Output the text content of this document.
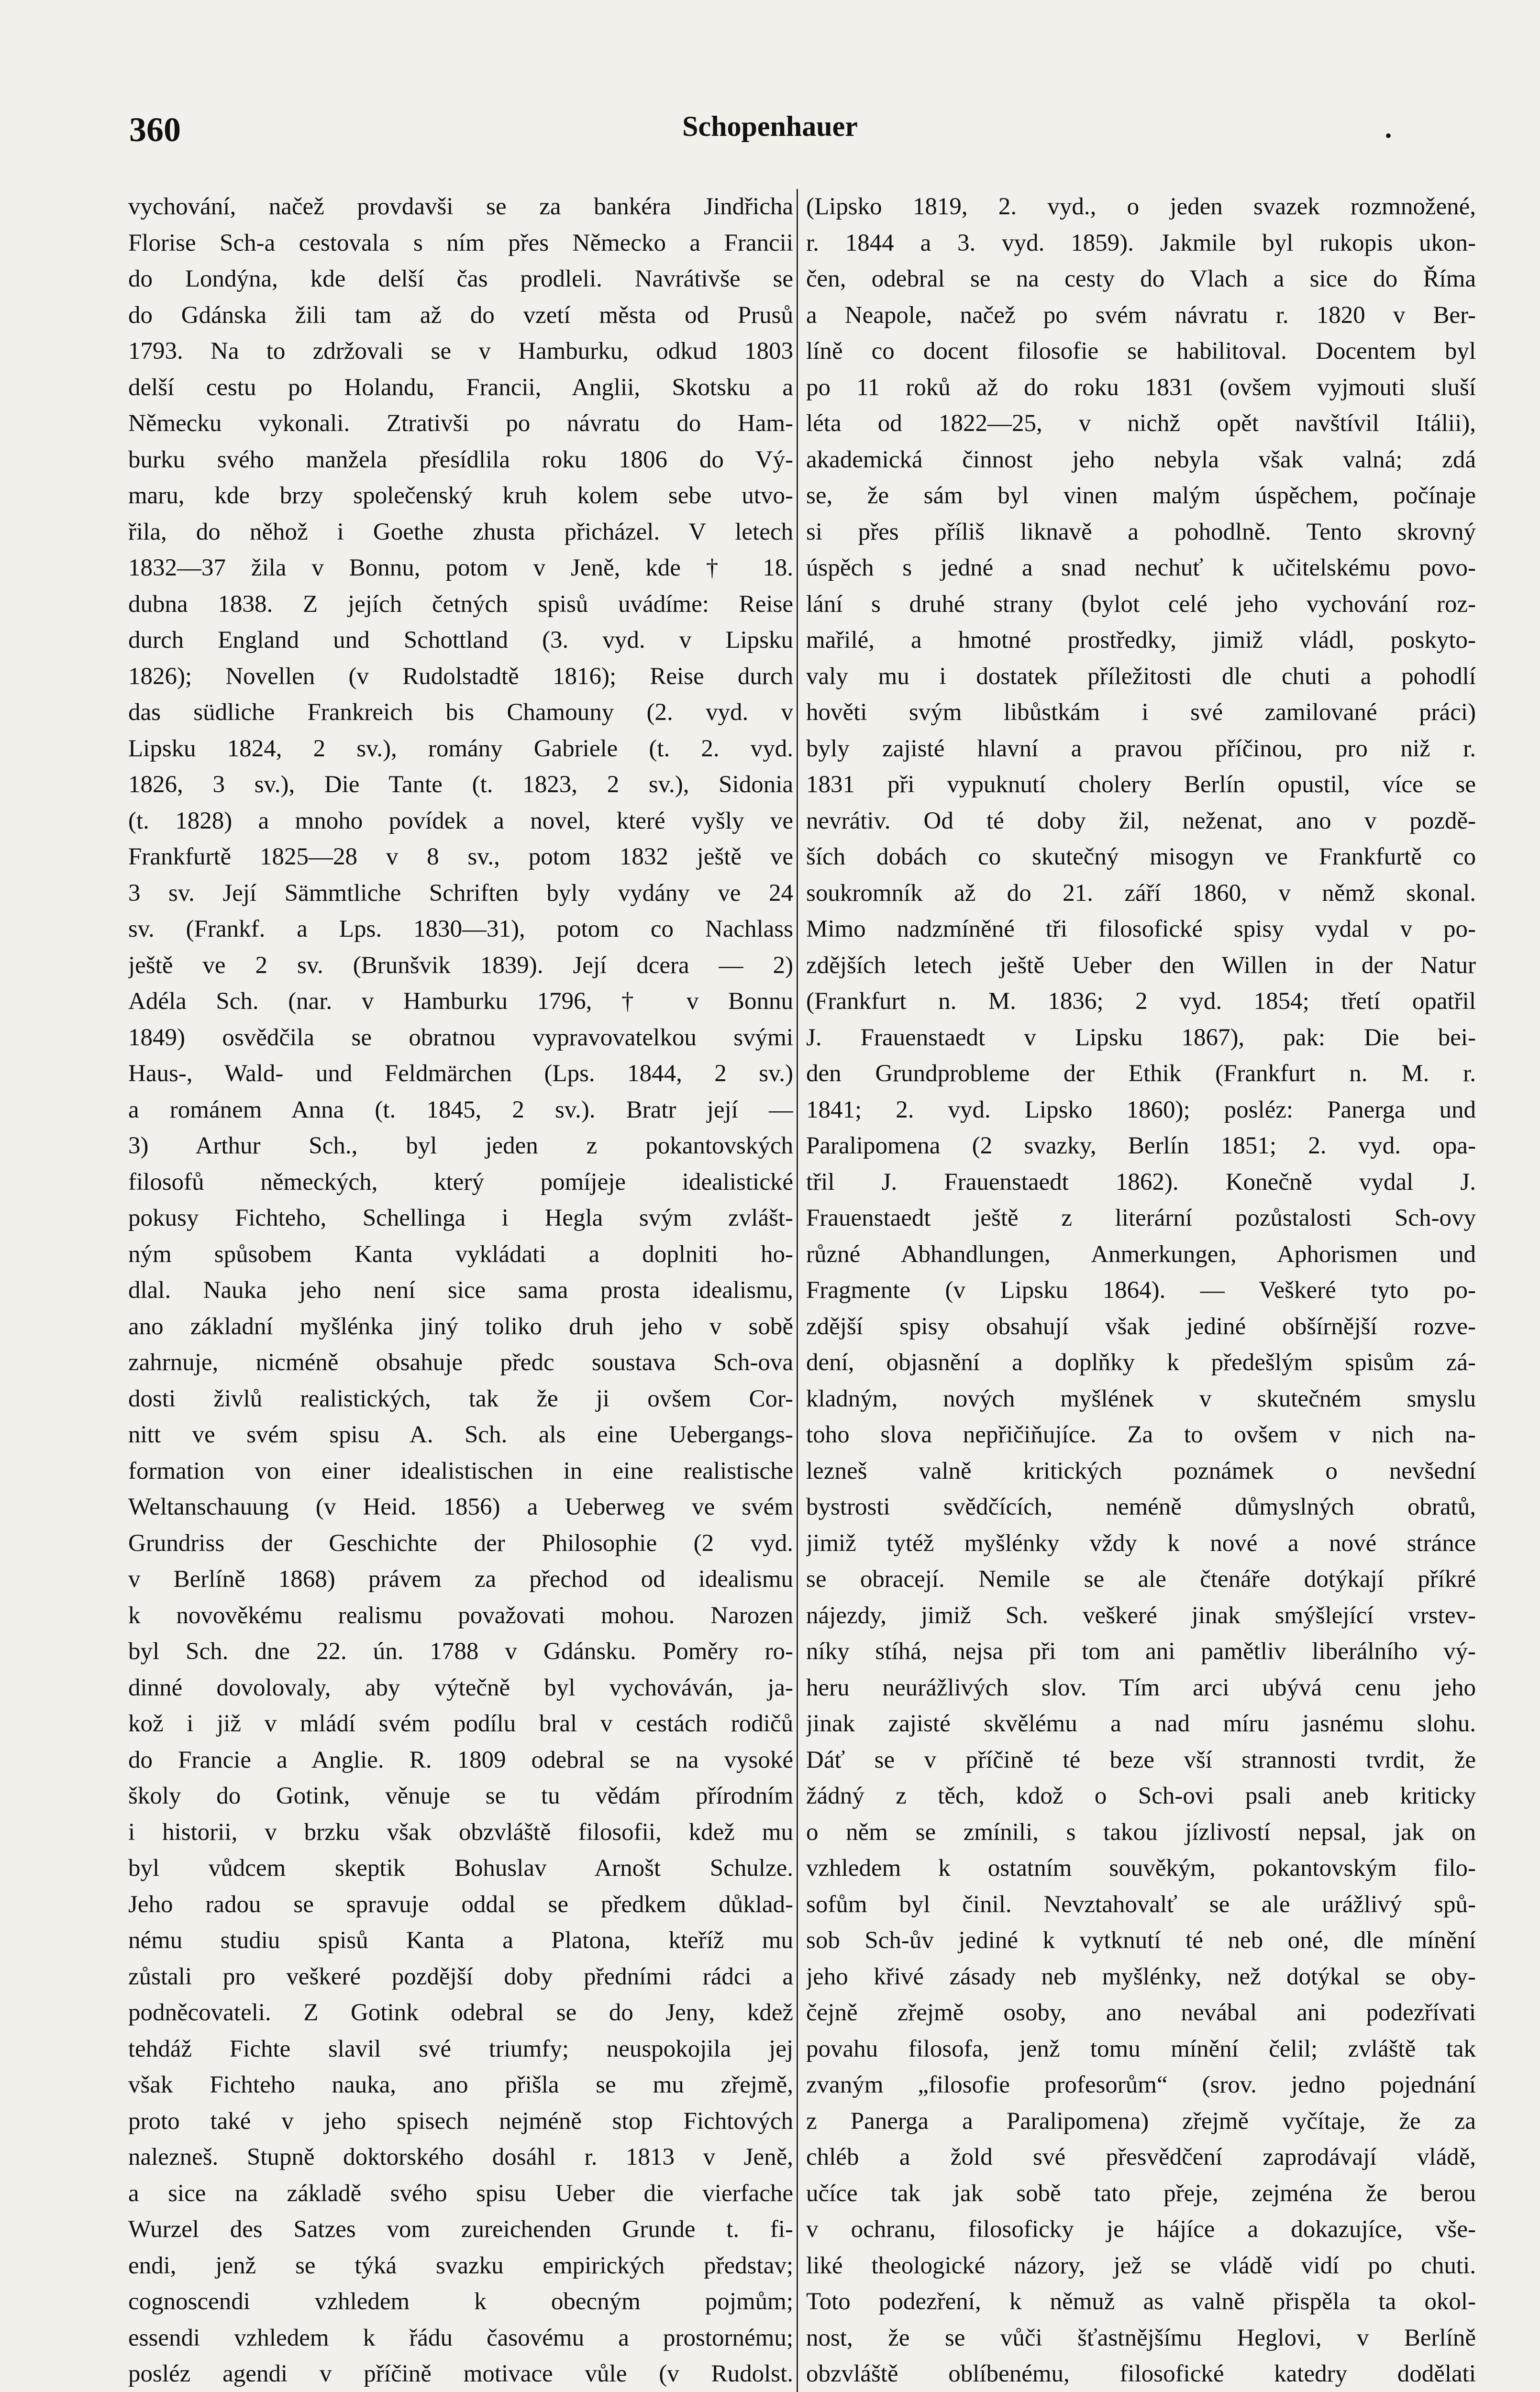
360	Schopenhauer	•
vychování, načež provdavši se za bankéra Jindřicha
Florise Sch-a cestovala s ním přes Německo a Francii
do Londýna, kde delší čas prodleli. Navrátivše se
do Gdánska žili tam až do vzetí města od Prusů
1793. Na to zdržovali se v Hamburku, odkud 1803
delší cestu po Holandu, Francii, Anglii, Skotsku a
Německu vykonali. Ztrativši po návratu do Ham-
burku svého manžela přesídlila roku 1806 do Vý-
maru, kde brzy společenský kruh kolem sebe utvo-
řila, do něhož i Goethe zhusta přicházel. V letech
1832—37 žila v Bonnu, potom v Jeně, kde † 18.
dubna 1838. Z jejích četných spisů uvádíme: Reise
durch England und Schottland (3. vyd. v Lipsku
1826); Novellen (v Rudolstadtě 1816); Reise durch
das südliche Frankreich bis Chamouny (2. vyd. v
Lipsku 1824, 2 sv.), romány Gabriele (t. 2. vyd.
1826, 3 sv.), Die Tante (t. 1823, 2 sv.), Sidonia
(t. 1828) a mnoho povídek a novel, které vyšly ve
Frankfurtě 1825—28 v 8 sv., potom 1832 ještě ve
3 sv. Její Sämmtliche Schriften byly vydány ve 24
sv. (Frankf. a Lps. 1830—31), potom co Nachlass
ještě ve 2 sv. (Brunšvik 1839). Její dcera — 2)
Adéla Sch. (nar. v Hamburku 1796, † v Bonnu
1849) osvědčila se obratnou vypravovatelkou svými
Haus-, Wald- und Feldmärchen (Lps. 1844, 2 sv.)
a románem Anna (t. 1845, 2 sv.). Bratr její —
3) Arthur Sch., byl jeden z pokantovských
filosofů německých, který pomíjeje idealistické
pokusy Fichteho, Schellinga i Hegla svým zvlášt-
ným spůsobem Kanta vykládati a doplniti ho-
dlal. Nauka jeho není sice sama prosta idealismu,
ano základní myšlénka jiný toliko druh jeho v sobě
zahrnuje, nicméně obsahuje předc soustava Sch-ova
dosti živlů realistických, tak že ji ovšem Cor-
nitt ve svém spisu A. Sch. als eine Uebergangs-
formation von einer idealistischen in eine realistische
Weltanschauung (v Heid. 1856) a Ueberweg ve svém
Grundriss der Geschichte der Philosophie (2 vyd.
v Berlíně 1868) právem za přechod od idealismu
k novověkému realismu považovati mohou. Narozen
byl Sch. dne 22. ún. 1788 v Gdánsku. Poměry ro-
dinné dovolovaly, aby výtečně byl vychováván, ja-
kož i již v mládí svém podílu bral v cestách rodičů
do Francie a Anglie. R. 1809 odebral se na vysoké
školy do Gotink, věnuje se tu vědám přírodním
i historii, v brzku však obzvláště filosofii, kdež mu
byl vůdcem skeptik Bohuslav Arnošt Schulze.
Jeho radou se spravuje oddal se předkem důklad-
nému studiu spisů Kanta a Platona, kteříž mu
zůstali pro veškeré pozdější doby předními rádci a
podněcovateli. Z Gotink odebral se do Jeny, kdež
tehdáž Fichte slavil své triumfy; neuspokojila jej
však Fichteho nauka, ano přišla se mu zřejmě,
proto také v jeho spisech nejméně stop Fichtových
nalezneš. Stupně doktorského dosáhl r. 1813 v Jeně,
a sice na základě svého spisu Ueber die vierfache
Wurzel des Satzes vom zureichenden Grunde t. fi-
endi, jenž se týká svazku empirických představ;
cognoscendi vzhledem k obecným pojmům;
essendi vzhledem k řádu časovému a prostornému;
posléz agendi v příčině motivace vůle (v Rudolst.
(Lipsko 1819, 2. vyd., o jeden svazek rozmnožené,
r. 1844 a 3. vyd. 1859). Jakmile byl rukopis ukon-
čen, odebral se na cesty do Vlach a sice do Říma
a Neapole, načež po svém návratu r. 1820 v Ber-
líně co docent filosofie se habilitoval. Docentem byl
po 11 roků až do roku 1831 (ovšem vyjmouti sluší
léta od 1822—25, v nichž opět navštívil Itálii),
akademická činnost jeho nebyla však valná; zdá
se, že sám byl vinen malým úspěchem, počínaje
si přes příliš liknavě a pohodlně. Tento skrovný
úspěch s jedné a snad nechuť k učitelskému povo-
lání s druhé strany (bylot celé jeho vychování roz-
mařilé, a hmotné prostředky, jimiž vládl, poskyto-
valy mu i dostatek příležitosti dle chuti a pohodlí
hověti svým libůstkám i své zamilované práci)
byly zajisté hlavní a pravou příčinou, pro niž r.
1831 při vypuknutí cholery Berlín opustil, více se
nevrátiv. Od té doby žil, neženat, ano v pozdě-
ších dobách co skutečný misogyn ve Frankfurtě co
soukromník až do 21. září 1860, v němž skonal.
Mimo nadzmíněné tři filosofické spisy vydal v po-
zdějších letech ještě Ueber den Willen in der Natur
(Frankfurt n. M. 1836; 2 vyd. 1854; třetí opatřil
J. Frauenstaedt v Lipsku 1867), pak: Die bei-
den Grundprobleme der Ethik (Frankfurt n. M. r.
1841; 2. vyd. Lipsko 1860); posléz: Panerga und
Paralipomena (2 svazky, Berlín 1851; 2. vyd. opa-
třil J. Frauenstaedt 1862). Konečně vydal J.
Frauenstaedt ještě z literární pozůstalosti Sch-ovy
různé Abhandlungen, Anmerkungen, Aphorismen und
Fragmente (v Lipsku 1864). — Veškeré tyto po-
zdější spisy obsahují však jediné obšírnější rozve-
dení, objasnění a doplňky k předešlým spisům zá-
kladným, nových myšlének v skutečném smyslu
toho slova nepřičiňujíce. Za to ovšem v nich na-
lezneš valně kritických poznámek o nevšední
bystrosti svědčících, neméně důmyslných obratů,
jimiž tytéž myšlénky vždy k nové a nové stránce
se obracejí. Nemile se ale čtenáře dotýkají příkré
nájezdy, jimiž Sch. veškeré jinak smýšlející vrstev-
níky stíhá, nejsa při tom ani pamětliv liberálního vý-
heru neurážlivých slov. Tím arci ubývá cenu jeho
jinak zajisté skvělému a nad míru jasnému slohu.
Dáť se v příčině té beze vší strannosti tvrdit, že
žádný z těch, kdož o Sch-ovi psali aneb kriticky
o něm se zmínili, s takou jízlivostí nepsal, jak on
vzhledem k ostatním souvěkým, pokantovským filo-
sofům byl činil. Nevztahovalť se ale urážlivý spů-
sob Sch-ův jediné k vytknutí té neb oné, dle mínění
jeho křivé zásady neb myšlénky, než dotýkal se oby-
čejně zřejmě osoby, ano nevábal ani podezřívati
povahu filosofa, jenž tomu mínění čelil; zvláště tak
zvaným „filosofie profesorům“ (srov. jedno pojednání
z Panerga a Paralipomena) zřejmě vyčítaje, že za
chléb a žold své přesvědčení zaprodávají vládě,
učíce tak jak sobě tato přeje, zejména že berou
v ochranu, filosoficky je hájíce a dokazujíce, vše-
liké theologické názory, jež se vládě vidí po chuti.
Toto podezření, k němuž as valně přispěla ta okol-
nost, že se vůči šťastnějšímu Heglovi, v Berlíně
obzvláště oblíbenému, filosofické katedry dodělati
